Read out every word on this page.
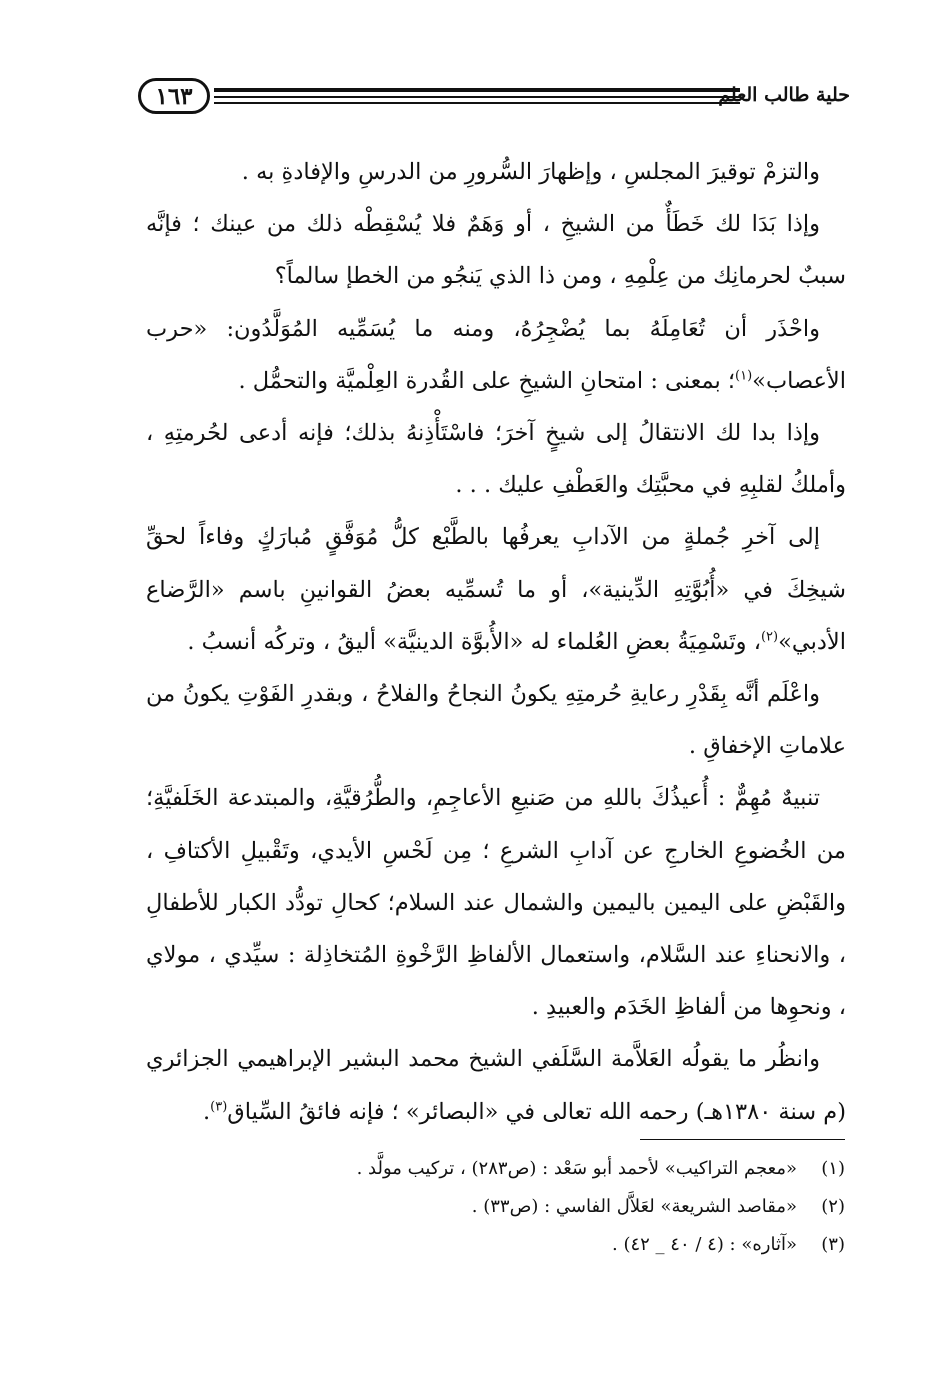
١٦٣	حلية طالب العلم

والتزمْ توقيرَ المجلسِ ، وإظهارَ السُّرورِ من الدرسِ والإفادةِ به .

وإذا بَدَا لك خَطَأٌ من الشيخِ ، أو وَهَمٌ فلا يُسْقِطْه ذلك من عينك ؛ فإنَّه سببٌ لحرمانِك من عِلْمِهِ ، ومن ذا الذي يَنجُو من الخطإ سالماً؟

واحْذَر أن تُعَامِلَهُ بما يُضْجِرُهُ، ومنه ما يُسَمِّيه المُوَلَّدُون: «حرب الأعصاب»$^{(١)}$؛ بمعنى : امتحانِ الشيخِ على القُدرة العِلْميَّة والتحمُّل .

وإذا بدا لك الانتقالُ إلى شيخٍ آخرَ؛ فاسْتَأْذِنهُ بذلك؛ فإنه أدعى لحُرمتِهِ ، وأملكُ لقلبِهِ في محبَّتِك والعَطْفِ عليك . . .

إلى آخرِ جُملةٍ من الآدابِ يعرفُها بالطَّبْع كلُّ مُوَفَّقٍ مُبارَكٍ وفاءاً لحقِّ شيخِكَ في «أُبُوَّتِهِ الدِّينية»، أو ما تُسمِّيه بعضُ القوانينِ باسم «الرَّضاع الأدبي»$^{(٢)}$، وتَسْمِيَةُ بعضِ العُلماء له «الأُبوَّة الدينيَّة» أليقُ ، وتركُه أنسبُ .

واعْلَم أنَّه بِقَدْرِ رعايةِ حُرمتِهِ يكونُ النجاحُ والفلاحُ ، وبقدرِ الفَوْتِ يكونُ من علاماتِ الإخفاقِ .

تنبيهٌ مُهِمٌّ : أُعيذُكَ باللهِ من صَنيعِ الأعاجِمِ، والطُّرُقيَّةِ، والمبتدعة الخَلَفيَّةِ؛ من الخُضوعِ الخارجِ عن آدابِ الشرعِ ؛ مِن لَحْسِ الأيدي، وتَقْبيلِ الأكتافِ ، والقَبْضِ على اليمين باليمين والشمال عند السلام؛ كحالِ تودُّد الكبار للأطفالِ ، والانحناءِ عند السَّلام، واستعمال الألفاظِ الرَّخْوةِ المُتخاذِلة : سيِّدي ، مولاي ، ونحوِها من ألفاظِ الخَدَم والعبيدِ .

وانظُر ما يقولُه العَلاَّمة السَّلَفي الشيخ محمد البشير الإبراهيمي الجزائري (م سنة ١٣٨٠هـ) رحمه الله تعالى في «البصائر» ؛ فإنه فائقُ السِّياق$^{(٣)}$.

(١)
«معجم التراكيب» لأحمد أبو سَعْد : (ص٢٨٣) ، تركيب مولَّد .
(٢)
«مقاصد الشريعة» لعَلاَّل الفاسي : (ص٣٣) .
(٣)
«آثاره» : (٤ / ٤٠ _ ٤٢) .
